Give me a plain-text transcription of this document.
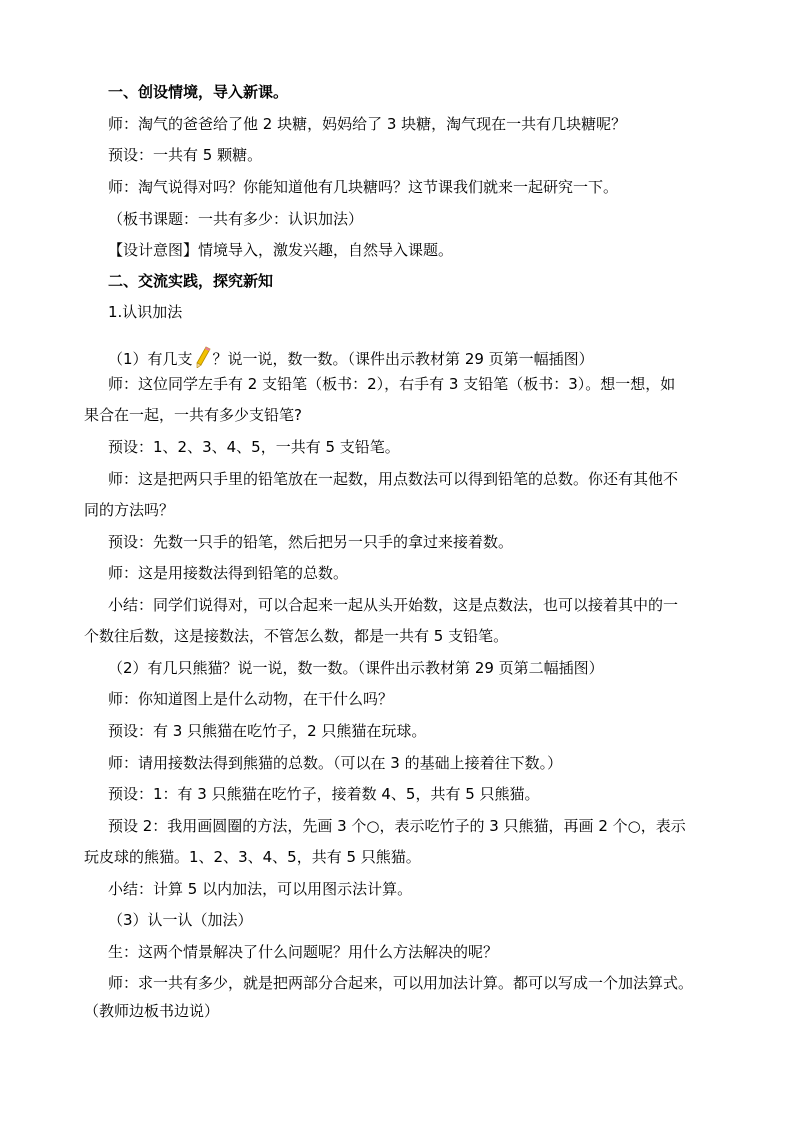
一、创设情境，导入新课。
师：淘气的爸爸给了他 2 块糖，妈妈给了 3 块糖，淘气现在一共有几块糖呢？
预设：一共有 5 颗糖。
师：淘气说得对吗？你能知道他有几块糖吗？这节课我们就来一起研究一下。
（板书课题：一共有多少：认识加法）
【设计意图】情境导入，激发兴趣，自然导入课题。
二、交流实践，探究新知
1.认识加法
（1）有几支 ？说一说，数一数。（课件出示教材第 29 页第一幅插图）
师：这位同学左手有 2 支铅笔（板书：2），右手有 3 支铅笔（板书：3）。想一想，如
果合在一起，一共有多少支铅笔?
预设：1、2、3、4、5，一共有 5 支铅笔。
师：这是把两只手里的铅笔放在一起数，用点数法可以得到铅笔的总数。你还有其他不
同的方法吗？
预设：先数一只手的铅笔，然后把另一只手的拿过来接着数。
师：这是用接数法得到铅笔的总数。
小结：同学们说得对，可以合起来一起从头开始数，这是点数法，也可以接着其中的一
个数往后数，这是接数法，不管怎么数，都是一共有 5 支铅笔。
（2）有几只熊猫？说一说，数一数。（课件出示教材第 29 页第二幅插图）
师：你知道图上是什么动物，在干什么吗？
预设：有 3 只熊猫在吃竹子，2 只熊猫在玩球。
师：请用接数法得到熊猫的总数。（可以在 3 的基础上接着往下数。）
预设：1：有 3 只熊猫在吃竹子，接着数 4、5，共有 5 只熊猫。
预设 2：我用画圆圈的方法，先画 3 个○，表示吃竹子的 3 只熊猫，再画 2 个○，表示
玩皮球的熊猫。1、2、3、4、5，共有 5 只熊猫。
小结：计算 5 以内加法，可以用图示法计算。
（3）认一认（加法）
生：这两个情景解决了什么问题呢？用什么方法解决的呢？
师：求一共有多少，就是把两部分合起来，可以用加法计算。都可以写成一个加法算式。
（教师边板书边说）
